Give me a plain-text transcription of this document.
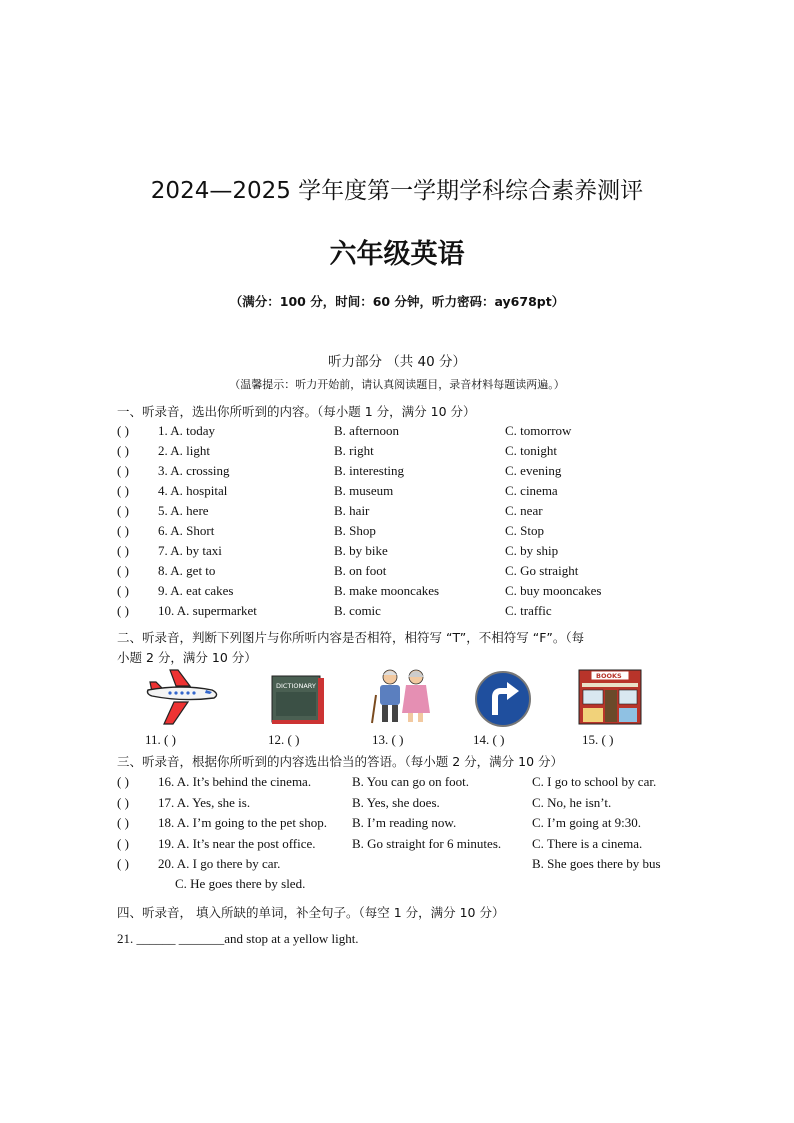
2024—2025 学年度第一学期学科综合素养测评
六年级英语
（满分：100 分，时间：60 分钟，听力密码：ay678pt）
听力部分 （共 40 分）
（温馨提示：听力开始前，请认真阅读题目，录音材料每题读两遍。）
一、听录音，选出你所听到的内容。（每小题 1 分，满分 10 分）
( ) 1. A. today	B. afternoon	C. tomorrow
( ) 2. A. light	B. right	C. tonight
( ) 3. A. crossing	B. interesting	C. evening
( ) 4. A. hospital	B. museum	C. cinema
( ) 5. A. here	B. hair	C. near
( ) 6. A. Short	B. Shop	C. Stop
( ) 7. A. by taxi	B. by bike	C. by ship
( ) 8. A. get to	B. on foot	C. Go straight
( ) 9. A. eat cakes	B. make mooncakes	C. buy mooncakes
( ) 10. A. supermarket	B. comic	C. traffic
二、听录音，判断下列图片与你所听内容是否相符，相符写 “T”，不相符写 “F”。（每
小题 2 分，满分 10 分）
DICTIONARY
BOOKS
11. ( )	12. ( )	13. ( )	14. ( )	15. ( )
三、听录音，根据你所听到的内容选出恰当的答语。（每小题 2 分，满分 10 分）
( ) 16. A. It’s behind the cinema.	B. You can go on foot.	C. I go to school by car.
( ) 17. A. Yes, she is.	B. Yes, she does.	C. No, he isn’t.
( ) 18. A. I’m going to the pet shop. B. I’m reading now.	C. I’m going at 9:30.
( ) 19. A. It’s near the post office.	B. Go straight for 6 minutes. C. There is a cinema.
( ) 20. A. I go there by car.	B. She goes there by bus
C. He goes there by sled.
四、听录音， 填入所缺的单词，补全句子。（每空 1 分，满分 10 分）
21. ______ _______and stop at a yellow light.
